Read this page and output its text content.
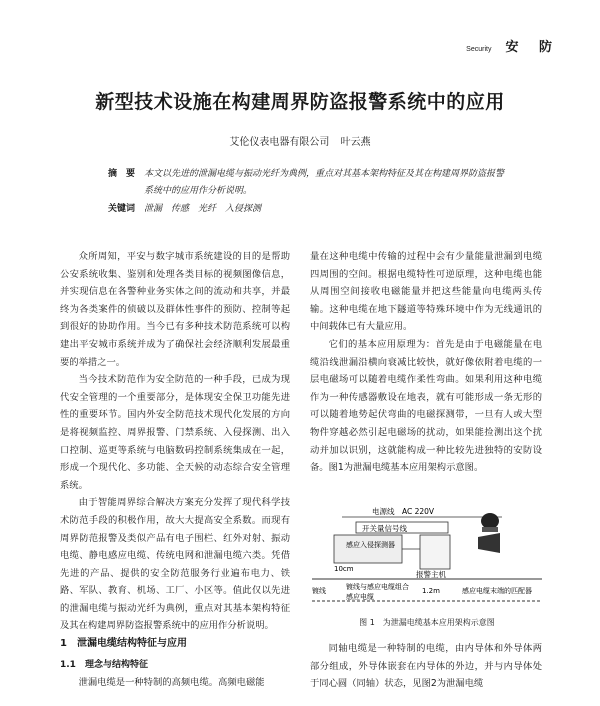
Security 安 防
新型技术设施在构建周界防盗报警系统中的应用
艾伦仪表电器有限公司 叶云燕
摘　要 本文以先进的泄漏电缆与振动光纤为典例，重点对其基本架构特征及其在构建周界防盗报警系统中的应用作分析说明。
关键词 泄漏　传感　光纤　入侵探测

众所周知，平安与数字城市系统建设的目的是帮助公安系统收集、鉴别和处理各类目标的视频图像信息，并实现信息在各警种业务实体之间的流动和共享，并最终为各类案件的侦破以及群体性事件的预防、控制等起到很好的协助作用。当今已有多种技术防范系统可以构建出平安城市系统并成为了确保社会经济顺利发展最重要的举措之一。

当今技术防范作为安全防范的一种手段，已成为现代安全管理的一个重要部分，是体现安全保卫功能先进性的重要环节。国内外安全防范技术现代化发展的方向是将视频监控、周界报警、门禁系统、入侵探测、出入口控制、巡更等系统与电脑数码控制系统集成在一起，形成一个现代化、多功能、全天候的动态综合安全管理系统。

由于智能周界综合解决方案充分发挥了现代科学技术防范手段的积极作用，故大大提高安全系数。而现有周界防范报警及类似产品有电子围栏、红外对射、振动电缆、静电感应电缆、传统电网和泄漏电缆六类。凭借先进的产品、提供的安全防范服务行业遍布电力、铁路、军队、教育、机场、工厂、小区等。值此仅以先进的泄漏电缆与振动光纤为典例，重点对其基本架构特征及其在构建周界防盗报警系统中的应用作分析说明。

1　泄漏电缆结构特征与应用
1.1　理念与结构特征

泄漏电缆是一种特制的高频电缆。高频电磁能

量在这种电缆中传输的过程中会有少量能量泄漏到电缆四周围的空间。根据电缆特性可逆原理，这种电缆也能从周围空间接收电磁能量并把这些能量向电缆两头传输。这种电缆在地下隧道等特殊环境中作为无线通讯的中间载体已有大量应用。

它们的基本应用原理为：首先是由于电磁能量在电缆沿线泄漏沿横向衰减比较快，就好像依附着电缆的一层电磁场可以随着电缆作柔性弯曲。如果利用这种电缆作为一种传感器敷设在地表，就有可能形成一条无形的可以随着地势起伏弯曲的电磁探测带，一旦有人或大型物件穿越必然引起电磁场的扰动，如果能捡测出这个扰动并加以识别，这就能构成一种比较先进独特的安防设备。图1为泄漏电缆基本应用架构示意图。

电源线　AC 220V
开关量信号线
感应入侵探测器
10cm
报警主机
镀线	镀线与感应电缆组合
感应电缆
1.2m	感应电缆末端的匹配器
图 1　为泄漏电缆基本应用架构示意图

同轴电缆是一种特制的电缆，由内导体和外导体两部分组成，外导体嵌套在内导体的外边，并与内导体处于同心圆（同轴）状态，见图2为泄漏电缆
